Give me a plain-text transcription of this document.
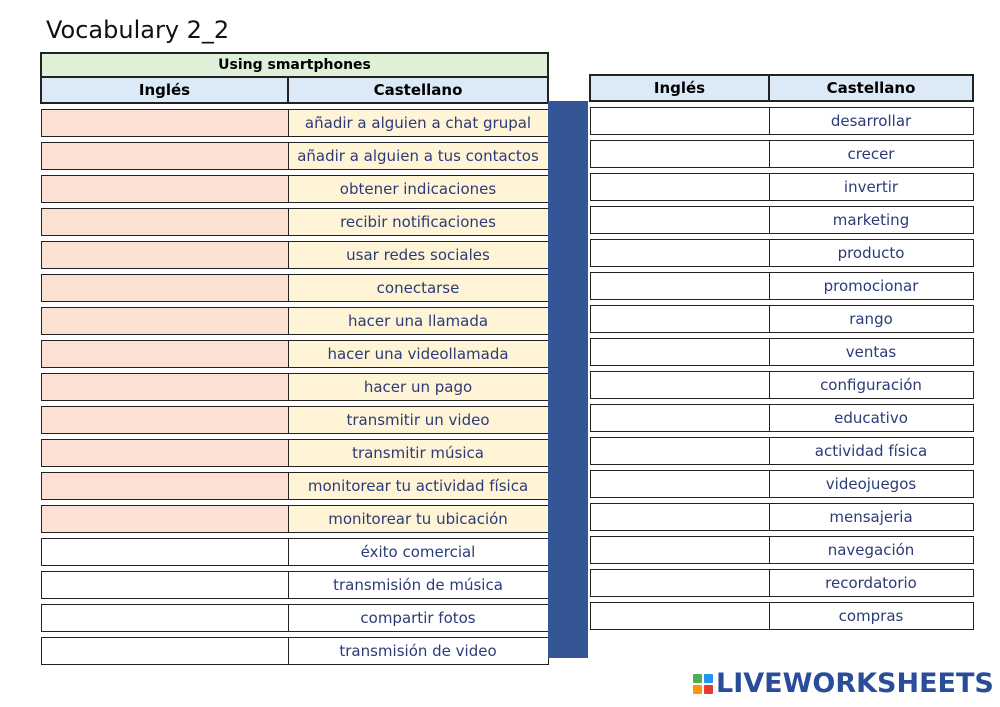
Vocabulary 2_2
Using smartphones	
Inglés	Castellano

	añadir a alguien a chat grupal

	añadir a alguien a tus contactos

	obtener indicaciones

	recibir notificaciones

	usar redes sociales

	conectarse

	hacer una llamada

	hacer una videollamada

	hacer un pago

	transmitir un video

	transmitir música

	monitorear tu actividad física

	monitorear tu ubicación

	éxito comercial

	transmisión de música

	compartir fotos

	transmisión de video
Inglés	Castellano

	desarrollar

	crecer

	invertir

	marketing

	producto

	promocionar

	rango

	ventas

	configuración

	educativo

	actividad física

	videojuegos

	mensajeria

	navegación

	recordatorio

	compras
LIVEWORKSHEETS
